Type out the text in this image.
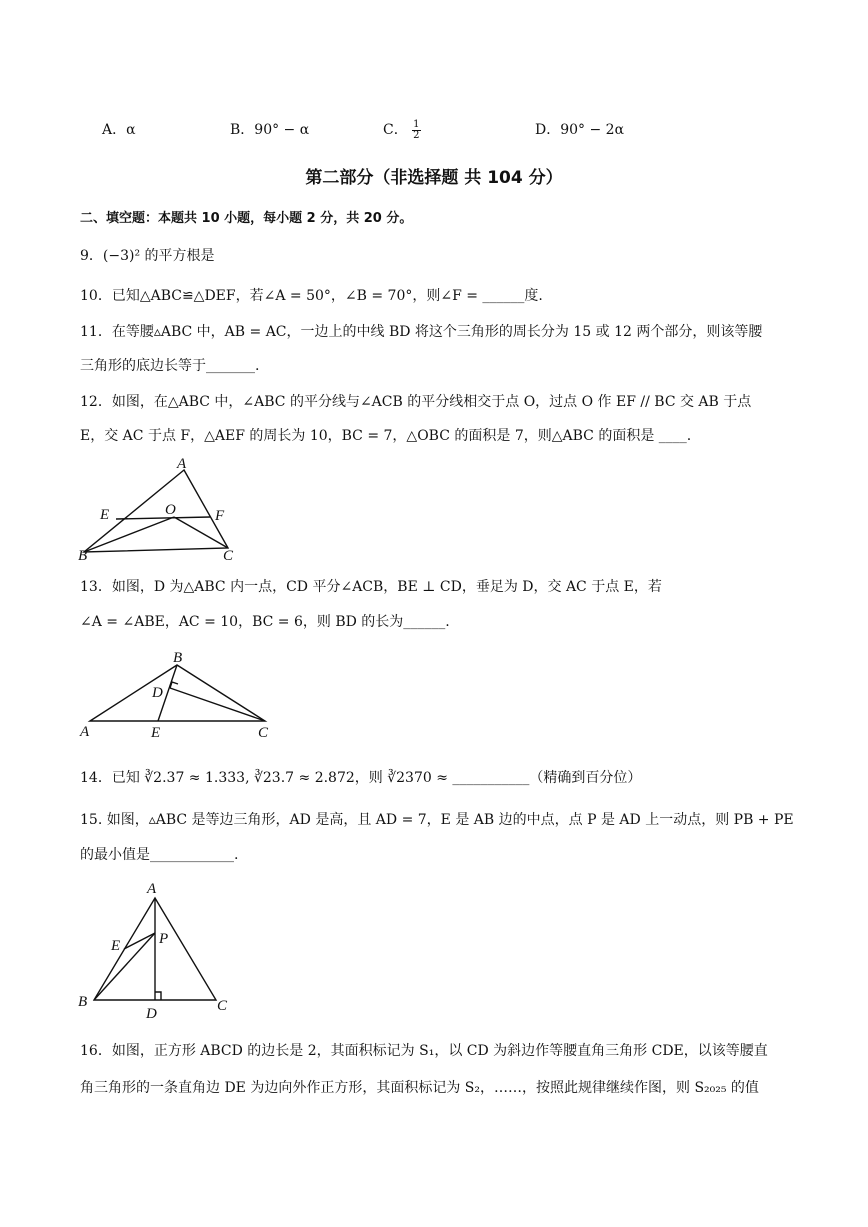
A．α	B．90° − α	C． $\frac{1}{2}$	D．90° − 2α
第二部分（非选择题 共 104 分）
二、填空题：本题共 10 小题，每小题 2 分，共 20 分。
9．(−3)² 的平方根是
10．已知△ABC≌△DEF，若∠A = 50°，∠B = 70°，则∠F = ______度.
11．在等腰▵ABC 中，AB = AC，一边上的中线 BD 将这个三角形的周长分为 15 或 12 两个部分，则该等腰
三角形的底边长等于_______.
12．如图，在△ABC 中，∠ABC 的平分线与∠ACB 的平分线相交于点 O，过点 O 作 EF // BC 交 AB 于点
E，交 AC 于点 F，△AEF 的周长为 10，BC = 7，△OBC 的面积是 7，则△ABC 的面积是 ____.
A
E	O	F
B	C
13．如图，D 为△ABC 内一点，CD 平分∠ACB，BE ⊥ CD，垂足为 D，交 AC 于点 E，若
∠A = ∠ABE，AC = 10，BC = 6，则 BD 的长为______.
B
D
A	E	C
14．已知 ∛2.37 ≈ 1.333, ∛23.7 ≈ 2.872，则 ∛2370 ≈ ___________（精确到百分位）
15. 如图，▵ABC 是等边三角形，AD 是高，且 AD = 7，E 是 AB 边的中点，点 P 是 AD 上一动点，则 PB + PE
的最小值是____________.
A
E	P
B
D	C
16．如图，正方形 ABCD 的边长是 2，其面积标记为 S₁，以 CD 为斜边作等腰直角三角形 CDE，以该等腰直
角三角形的一条直角边 DE 为边向外作正方形，其面积标记为 S₂，……，按照此规律继续作图，则 S₂₀₂₅ 的值
